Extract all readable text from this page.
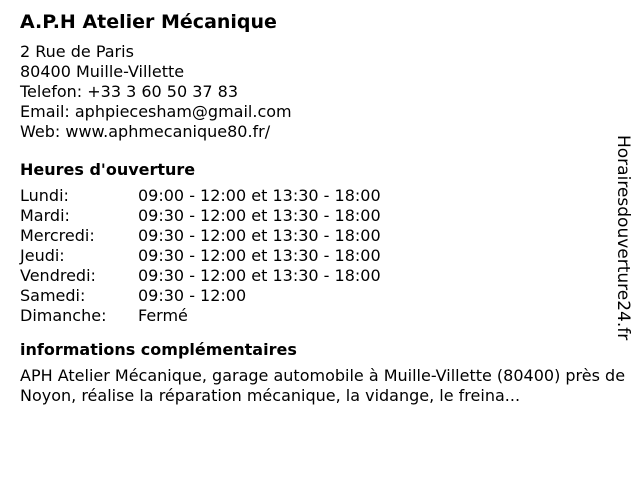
A.P.H Atelier Mécanique
2 Rue de Paris
80400 Muille-Villette
Telefon: +33 3 60 50 37 83
Email: aphpiecesham@gmail.com
Web: www.aphmecanique80.fr/
Heures d'ouverture
Lundi:	09:00 - 12:00 et 13:30 - 18:00
Mardi:	09:30 - 12:00 et 13:30 - 18:00
Mercredi:	09:30 - 12:00 et 13:30 - 18:00
Jeudi:	09:30 - 12:00 et 13:30 - 18:00
Vendredi:	09:30 - 12:00 et 13:30 - 18:00
Samedi:	09:30 - 12:00
Dimanche:	Fermé
informations complémentaires
APH Atelier Mécanique, garage automobile à Muille-Villette (80400) près de Noyon, réalise la réparation mécanique, la vidange, le freina...
Horairesdouverture24.fr
